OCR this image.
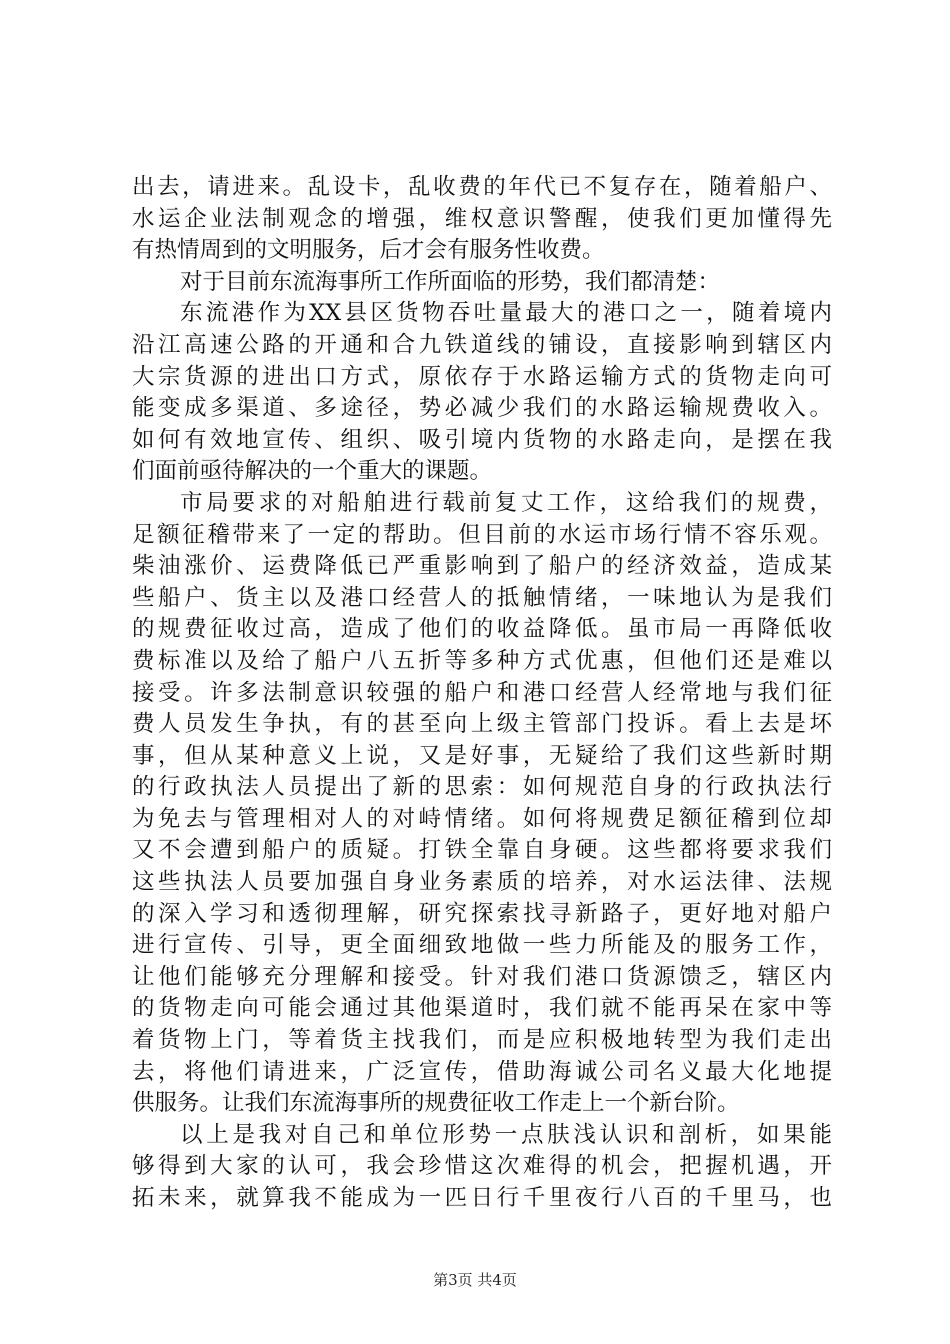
出去，请进来。乱设卡，乱收费的年代已不复存在，随着船户、
水运企业法制观念的增强，维权意识警醒，使我们更加懂得先
有热情周到的文明服务，后才会有服务性收费。
对于目前东流海事所工作所面临的形势，我们都清楚：
东流港作为XX县区货物吞吐量最大的港口之一，随着境内
沿江高速公路的开通和合九铁道线的铺设，直接影响到辖区内
大宗货源的进出口方式，原依存于水路运输方式的货物走向可
能变成多渠道、多途径，势必减少我们的水路运输规费收入。
如何有效地宣传、组织、吸引境内货物的水路走向，是摆在我
们面前亟待解决的一个重大的课题。
市局要求的对船舶进行载前复丈工作，这给我们的规费，
足额征稽带来了一定的帮助。但目前的水运市场行情不容乐观。
柴油涨价、运费降低已严重影响到了船户的经济效益，造成某
些船户、货主以及港口经营人的抵触情绪，一味地认为是我们
的规费征收过高，造成了他们的收益降低。虽市局一再降低收
费标准以及给了船户八五折等多种方式优惠，但他们还是难以
接受。许多法制意识较强的船户和港口经营人经常地与我们征
费人员发生争执，有的甚至向上级主管部门投诉。看上去是坏
事，但从某种意义上说，又是好事，无疑给了我们这些新时期
的行政执法人员提出了新的思索：如何规范自身的行政执法行
为免去与管理相对人的对峙情绪。如何将规费足额征稽到位却
又不会遭到船户的质疑。打铁全靠自身硬。这些都将要求我们
这些执法人员要加强自身业务素质的培养，对水运法律、法规
的深入学习和透彻理解，研究探索找寻新路子，更好地对船户
进行宣传、引导，更全面细致地做一些力所能及的服务工作，
让他们能够充分理解和接受。针对我们港口货源馈乏，辖区内
的货物走向可能会通过其他渠道时，我们就不能再呆在家中等
着货物上门，等着货主找我们，而是应积极地转型为我们走出
去，将他们请进来，广泛宣传，借助海诚公司名义最大化地提
供服务。让我们东流海事所的规费征收工作走上一个新台阶。
以上是我对自己和单位形势一点肤浅认识和剖析，如果能
够得到大家的认可，我会珍惜这次难得的机会，把握机遇，开
拓未来，就算我不能成为一匹日行千里夜行八百的千里马，也
第3页 共4页
